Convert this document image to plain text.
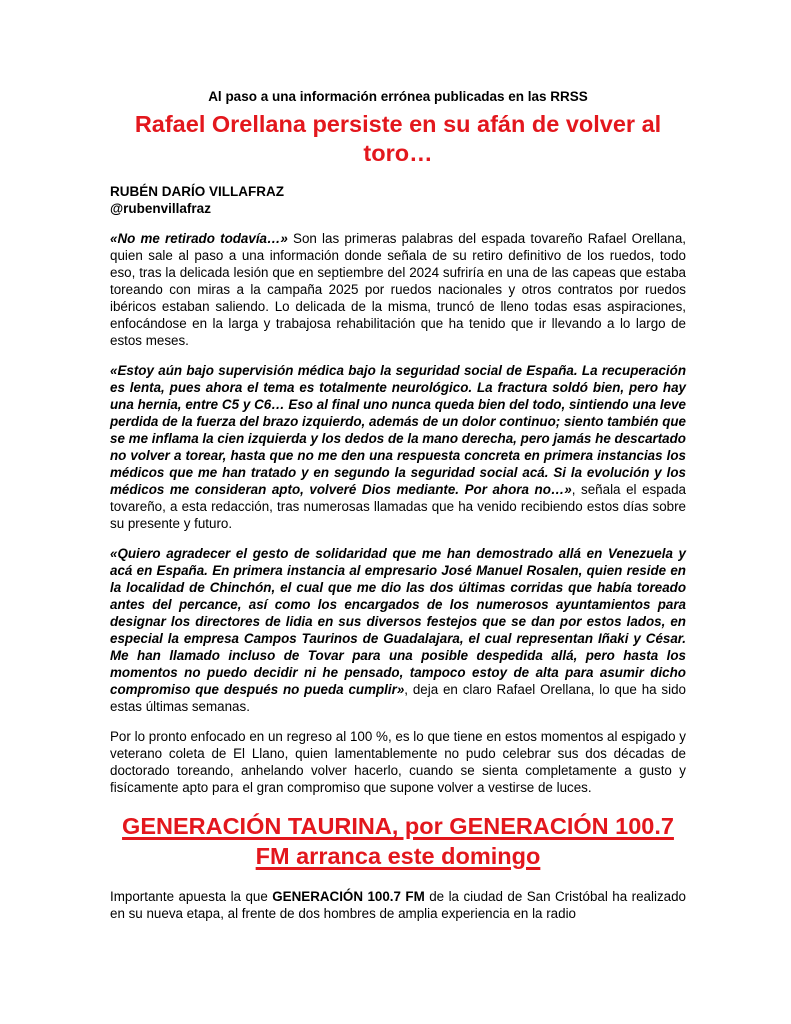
Al paso a una información errónea publicadas en las RRSS

Rafael Orellana persiste en su afán de volver al toro…
RUBÉN DARÍO VILLAFRAZ
@rubenvillafraz

«No me retirado todavía…» Son las primeras palabras del espada tovareño Rafael Orellana, quien sale al paso a una información donde señala de su retiro definitivo de los ruedos, todo eso, tras la delicada lesión que en septiembre del 2024 sufriría en una de las capeas que estaba toreando con miras a la campaña 2025 por ruedos nacionales y otros contratos por ruedos ibéricos estaban saliendo. Lo delicada de la misma, truncó de lleno todas esas aspiraciones, enfocándose en la larga y trabajosa rehabilitación que ha tenido que ir llevando a lo largo de estos meses.

«Estoy aún bajo supervisión médica bajo la seguridad social de España. La recuperación es lenta, pues ahora el tema es totalmente neurológico. La fractura soldó bien, pero hay una hernia, entre C5 y C6… Eso al final uno nunca queda bien del todo, sintiendo una leve perdida de la fuerza del brazo izquierdo, además de un dolor continuo; siento también que se me inflama la cien izquierda y los dedos de la mano derecha, pero jamás he descartado no volver a torear, hasta que no me den una respuesta concreta en primera instancias los médicos que me han tratado y en segundo la seguridad social acá. Si la evolución y los médicos me consideran apto, volveré Dios mediante. Por ahora no…», señala el espada tovareño, a esta redacción, tras numerosas llamadas que ha venido recibiendo estos días sobre su presente y futuro.

«Quiero agradecer el gesto de solidaridad que me han demostrado allá en Venezuela y acá en España. En primera instancia al empresario José Manuel Rosalen, quien reside en la localidad de Chinchón, el cual que me dio las dos últimas corridas que había toreado antes del percance, así como los encargados de los numerosos ayuntamientos para designar los directores de lidia en sus diversos festejos que se dan por estos lados, en especial la empresa Campos Taurinos de Guadalajara, el cual representan Iñaki y César. Me han llamado incluso de Tovar para una posible despedida allá, pero hasta los momentos no puedo decidir ni he pensado, tampoco estoy de alta para asumir dicho compromiso que después no pueda cumplir», deja en claro Rafael Orellana, lo que ha sido estas últimas semanas.

Por lo pronto enfocado en un regreso al 100 %, es lo que tiene en estos momentos al espigado y veterano coleta de El Llano, quien lamentablemente no pudo celebrar sus dos décadas de doctorado toreando, anhelando volver hacerlo, cuando se sienta completamente a gusto y fisícamente apto para el gran compromiso que supone volver a vestirse de luces.

GENERACIÓN TAURINA, por GENERACIÓN 100.7 FM arranca este domingo

Importante apuesta la que GENERACIÓN 100.7 FM de la ciudad de San Cristóbal ha realizado en su nueva etapa, al frente de dos hombres de amplia experiencia en la radio
